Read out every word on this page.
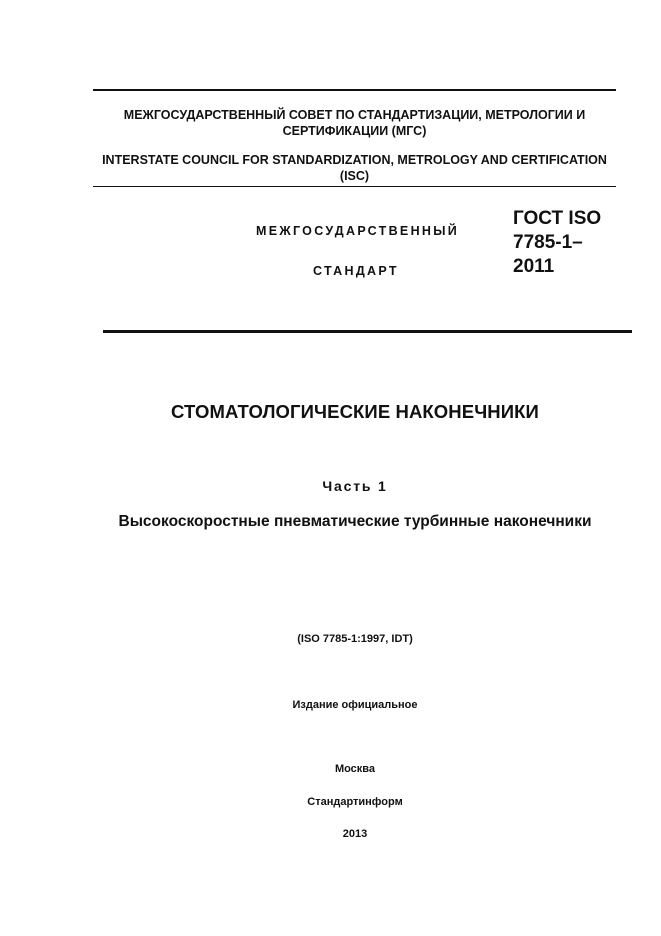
МЕЖГОСУДАРСТВЕННЫЙ СОВЕТ ПО СТАНДАРТИЗАЦИИ, МЕТРОЛОГИИ И СЕРТИФИКАЦИИ (МГС)

INTERSTATE COUNCIL FOR STANDARDIZATION, METROLOGY AND CERTIFICATION (ISC)

МЕЖГОСУДАРСТВЕННЫЙ

СТАНДАРТ

ГОСТ ISO 7785-1–2011

СТОМАТОЛОГИЧЕСКИЕ НАКОНЕЧНИКИ

Часть 1

Высокоскоростные пневматические турбинные наконечники

(ISO 7785-1:1997, IDT)

Издание официальное

Москва

Стандартинформ

2013
